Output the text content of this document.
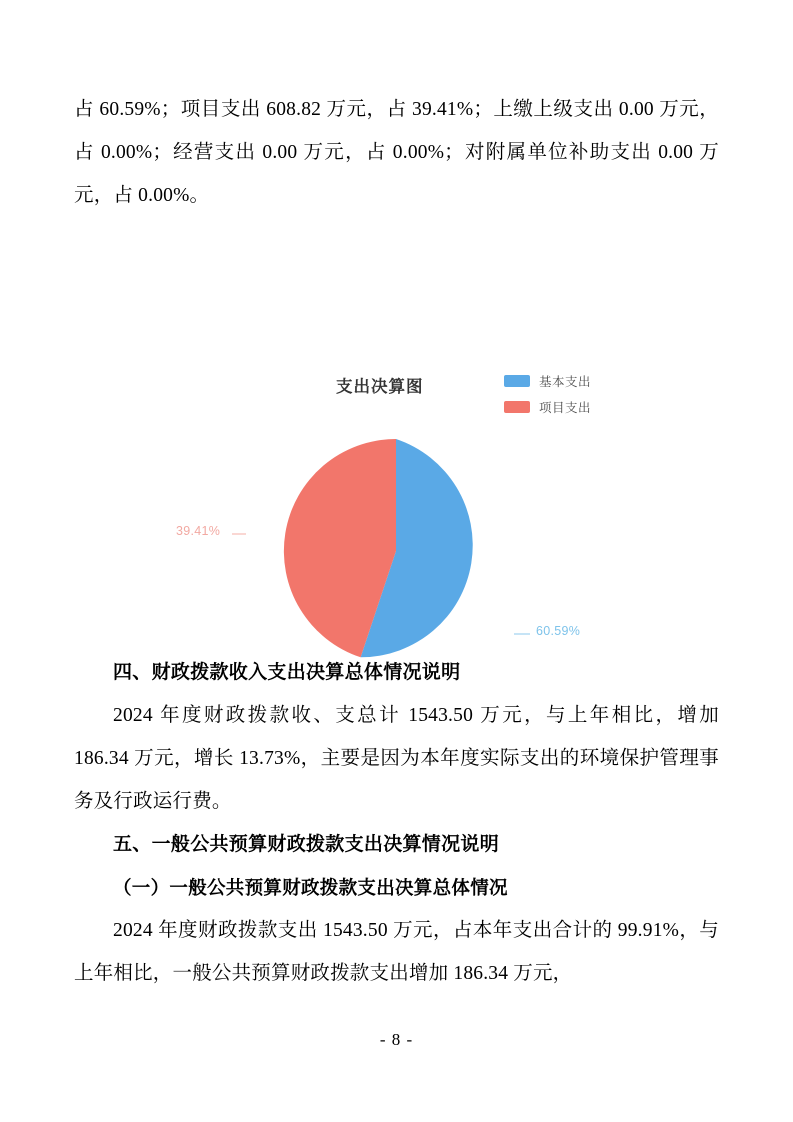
占 60.59%；项目支出 608.82 万元，占 39.41%；上缴上级支出 0.00 万元，占 0.00%；经营支出 0.00 万元，占 0.00%；对附属单位补助支出 0.00 万元，占 0.00%。

支出决算图	基本支出
项目支出
60.59%
39.41%
四、财政拨款收入支出决算总体情况说明

2024 年度财政拨款收、支总计 1543.50 万元，与上年相比，增加 186.34 万元，增长 13.73%，主要是因为本年度实际支出的环境保护管理事务及行政运行费。

五、一般公共预算财政拨款支出决算情况说明
（一）一般公共预算财政拨款支出决算总体情况

2024 年度财政拨款支出 1543.50 万元，占本年支出合计的 99.91%，与上年相比，一般公共预算财政拨款支出增加 186.34 万元，

- 8 -
